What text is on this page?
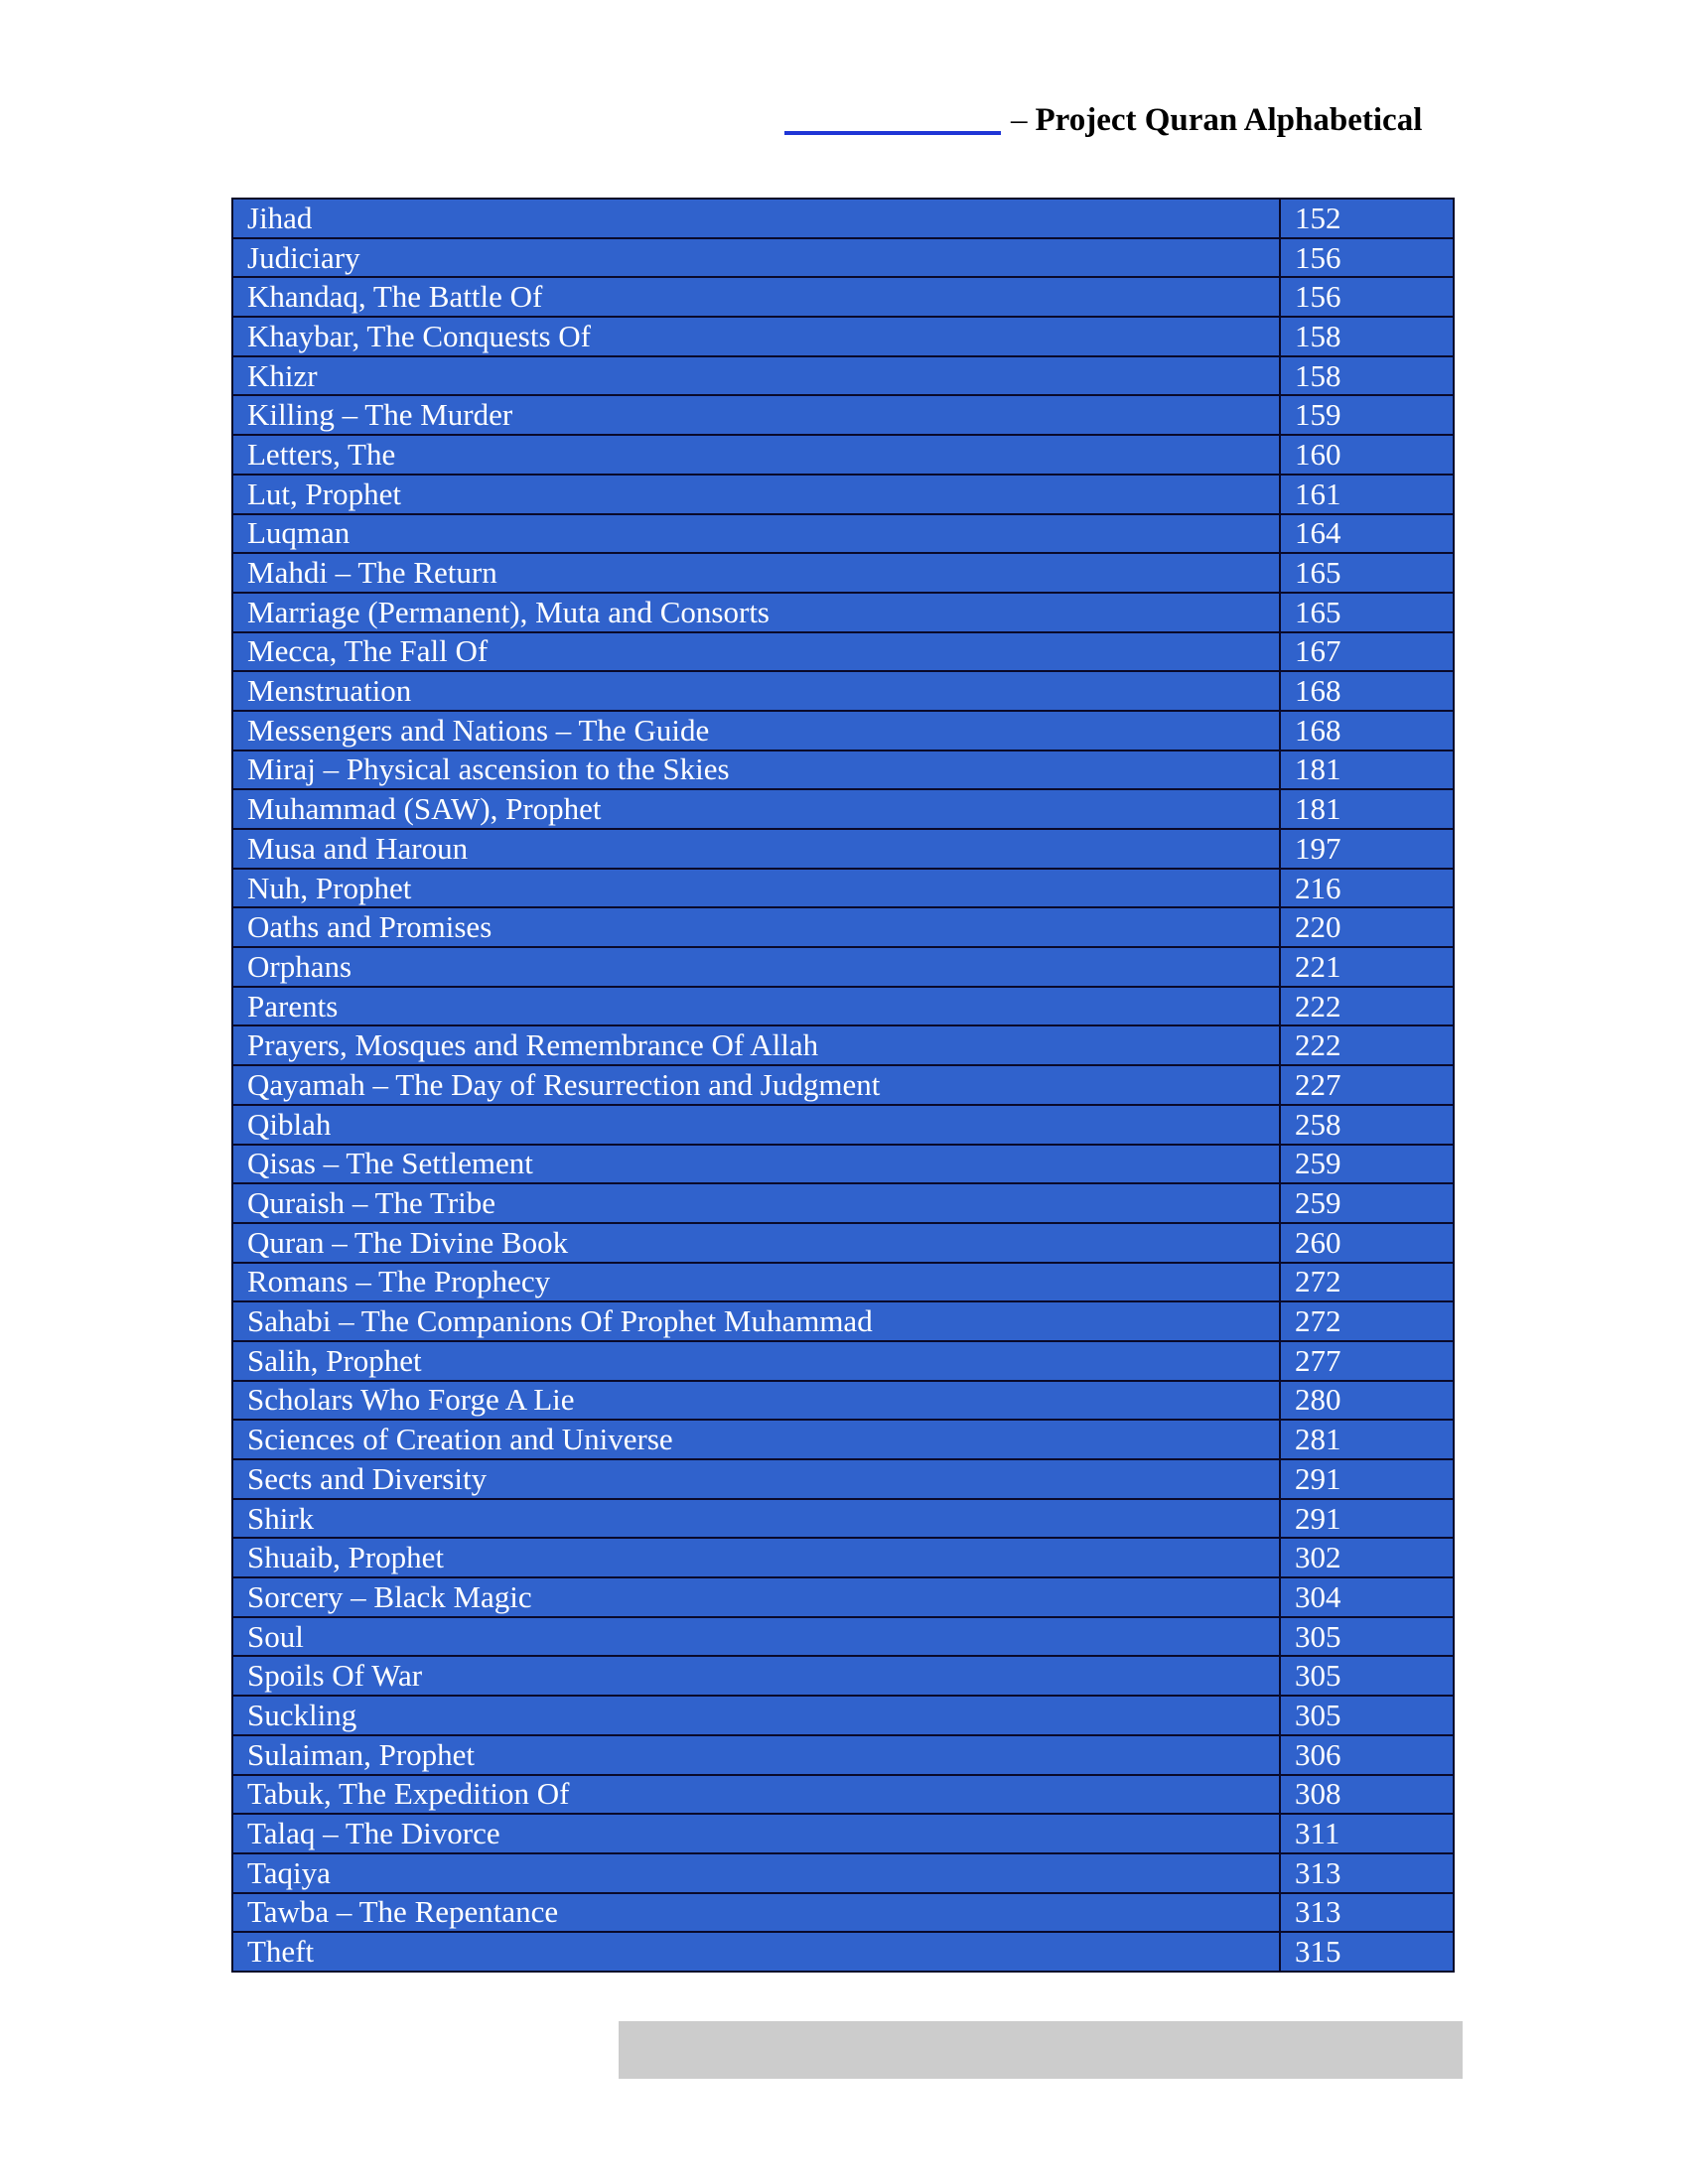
– Project Quran Alphabetical
Jihad	152
Judiciary	156
Khandaq, The Battle Of	156
Khaybar, The Conquests Of	158
Khizr	158
Killing – The Murder	159
Letters, The	160
Lut, Prophet	161
Luqman	164
Mahdi – The Return	165
Marriage (Permanent), Muta and Consorts	165
Mecca, The Fall Of	167
Menstruation	168
Messengers and Nations – The Guide	168
Miraj – Physical ascension to the Skies	181
Muhammad (SAW), Prophet	181
Musa and Haroun	197
Nuh, Prophet	216
Oaths and Promises	220
Orphans	221
Parents	222
Prayers, Mosques and Remembrance Of Allah	222
Qayamah – The Day of Resurrection and Judgment	227
Qiblah	258
Qisas – The Settlement	259
Quraish – The Tribe	259
Quran – The Divine Book	260
Romans – The Prophecy	272
Sahabi – The Companions Of Prophet Muhammad	272
Salih, Prophet	277
Scholars Who Forge A Lie	280
Sciences of Creation and Universe	281
Sects and Diversity	291
Shirk	291
Shuaib, Prophet	302
Sorcery – Black Magic	304
Soul	305
Spoils Of War	305
Suckling	305
Sulaiman, Prophet	306
Tabuk, The Expedition Of	308
Talaq – The Divorce	311
Taqiya	313
Tawba – The Repentance	313
Theft	315
